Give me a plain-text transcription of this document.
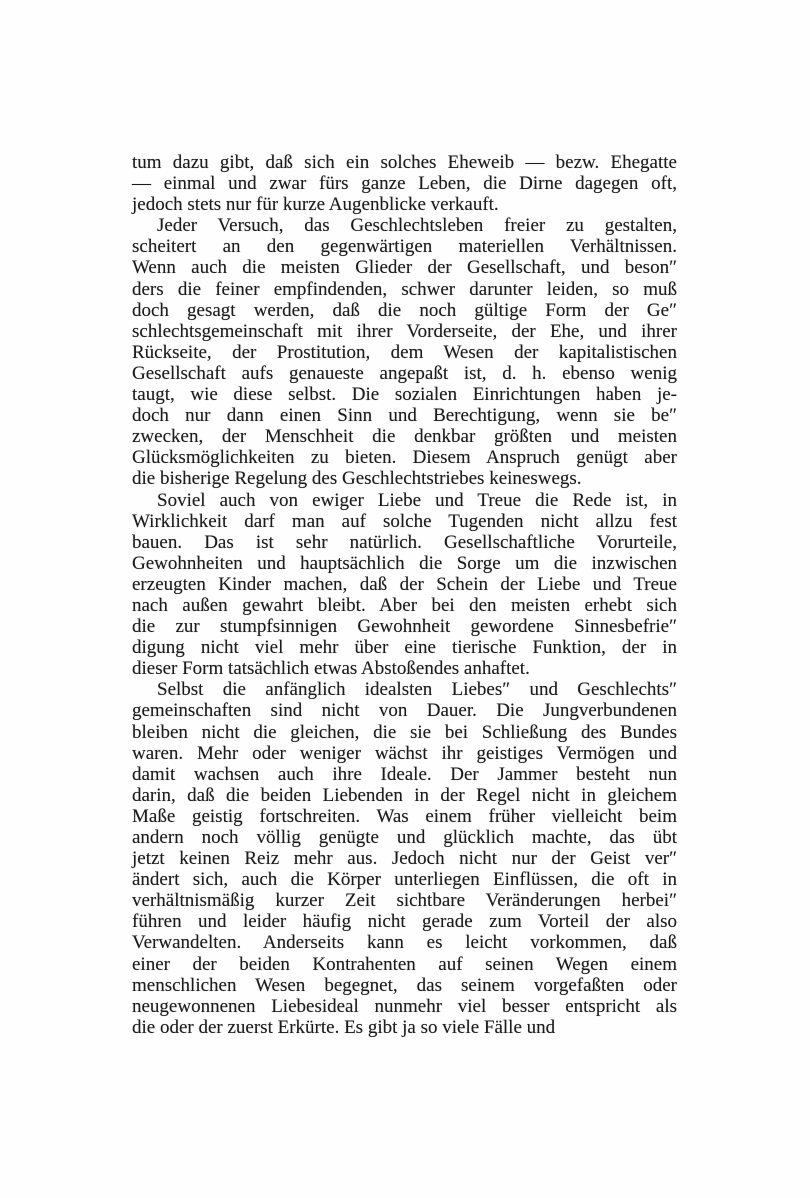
tum dazu gibt, daß sich ein solches Eheweib — bezw. Ehegatte
— einmal und zwar fürs ganze Leben, die Dirne dagegen oft,
jedoch stets nur für kurze Augenblicke verkauft.
Jeder Versuch, das Geschlechtsleben freier zu gestalten,
scheitert an den gegenwärtigen materiellen Verhältnissen.
Wenn auch die meisten Glieder der Gesellschaft, und beson″
ders die feiner empfindenden, schwer darunter leiden, so muß
doch gesagt werden, daß die noch gültige Form der Ge″
schlechtsgemeinschaft mit ihrer Vorderseite, der Ehe, und ihrer
Rückseite, der Prostitution, dem Wesen der kapitalistischen
Gesellschaft aufs genaueste angepaßt ist, d. h. ebenso wenig
taugt, wie diese selbst. Die sozialen Einrichtungen haben je-
doch nur dann einen Sinn und Berechtigung, wenn sie be″
zwecken, der Menschheit die denkbar größten und meisten
Glücksmöglichkeiten zu bieten. Diesem Anspruch genügt aber
die bisherige Regelung des Geschlechtstriebes keineswegs.
Soviel auch von ewiger Liebe und Treue die Rede ist, in
Wirklichkeit darf man auf solche Tugenden nicht allzu fest
bauen. Das ist sehr natürlich. Gesellschaftliche Vorurteile,
Gewohnheiten und hauptsächlich die Sorge um die inzwischen
erzeugten Kinder machen, daß der Schein der Liebe und Treue
nach außen gewahrt bleibt. Aber bei den meisten erhebt sich
die zur stumpfsinnigen Gewohnheit gewordene Sinnesbefrie″
digung nicht viel mehr über eine tierische Funktion, der in
dieser Form tatsächlich etwas Abstoßendes anhaftet.
Selbst die anfänglich idealsten Liebes″ und Geschlechts″
gemeinschaften sind nicht von Dauer. Die Jungverbundenen
bleiben nicht die gleichen, die sie bei Schließung des Bundes
waren. Mehr oder weniger wächst ihr geistiges Vermögen und
damit wachsen auch ihre Ideale. Der Jammer besteht nun
darin, daß die beiden Liebenden in der Regel nicht in gleichem
Maße geistig fortschreiten. Was einem früher vielleicht beim
andern noch völlig genügte und glücklich machte, das übt
jetzt keinen Reiz mehr aus. Jedoch nicht nur der Geist ver″
ändert sich, auch die Körper unterliegen Einflüssen, die oft in
verhältnismäßig kurzer Zeit sichtbare Veränderungen herbei″
führen und leider häufig nicht gerade zum Vorteil der also
Verwandelten. Anderseits kann es leicht vorkommen, daß
einer der beiden Kontrahenten auf seinen Wegen einem
menschlichen Wesen begegnet, das seinem vorgefaßten oder
neugewonnenen Liebesideal nunmehr viel besser entspricht als
die oder der zuerst Erkürte. Es gibt ja so viele Fälle und
